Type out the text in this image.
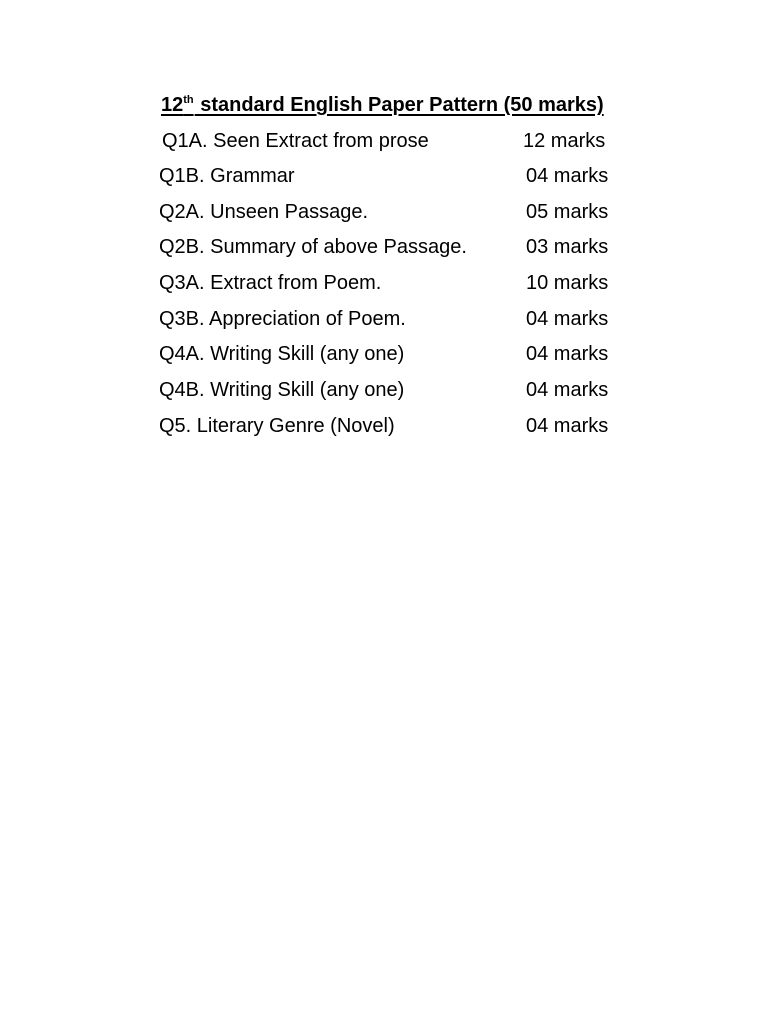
12th standard English Paper Pattern (50 marks)
Q1A. Seen Extract from prose	12 marks
Q1B. Grammar	04 marks
Q2A. Unseen Passage.	05 marks
Q2B. Summary of above Passage.	03 marks
Q3A. Extract from Poem.	10 marks
Q3B. Appreciation of Poem.	04 marks
Q4A. Writing Skill (any one)	04 marks
Q4B. Writing Skill (any one)	04 marks
Q5. Literary Genre (Novel)	04 marks
